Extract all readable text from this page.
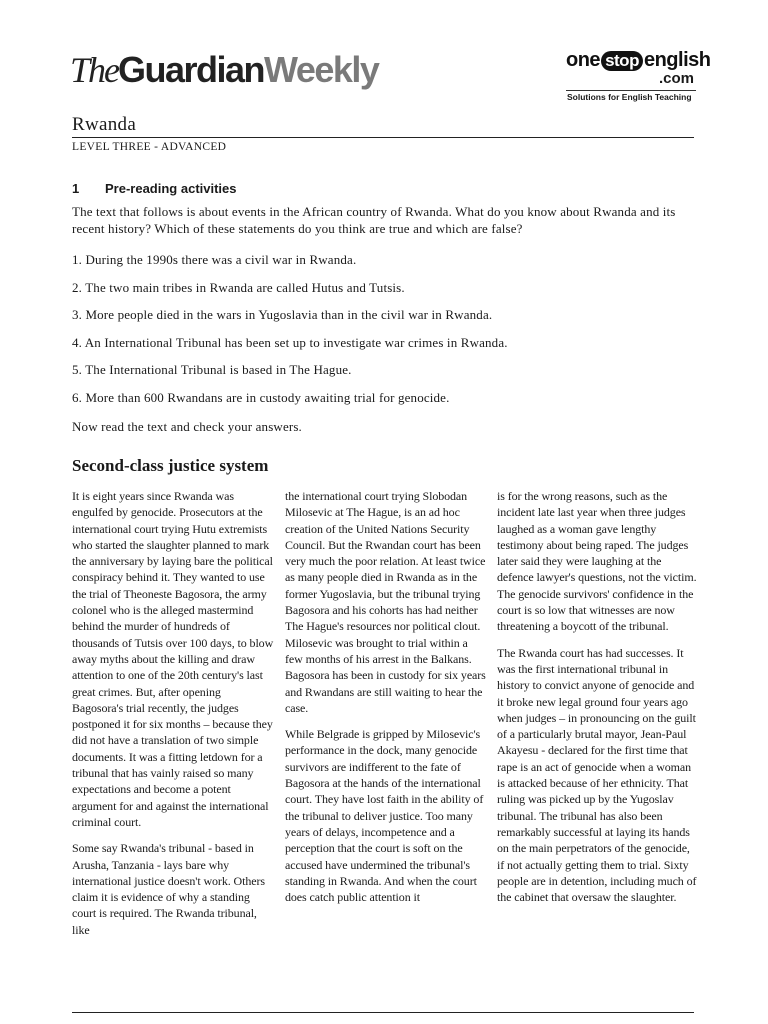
TheGuardianWeekly	one stop english
.com
Solutions for English Teaching
Rwanda
LEVEL THREE - ADVANCED
1 Pre-reading activities
The text that follows is about events in the African country of Rwanda. What do you know about Rwanda and its recent history? Which of these statements do you think are true and which are false?
1. During the 1990s there was a civil war in Rwanda.
2. The two main tribes in Rwanda are called Hutus and Tutsis.
3. More people died in the wars in Yugoslavia than in the civil war in Rwanda.
4. An International Tribunal has been set up to investigate war crimes in Rwanda.
5. The International Tribunal is based in The Hague.
6. More than 600 Rwandans are in custody awaiting trial for genocide.
Now read the text and check your answers.
Second-class justice system

It is eight years since Rwanda was engulfed by genocide. Prosecutors at the international court trying Hutu extremists who started the slaughter planned to mark the anniversary by laying bare the political conspiracy behind it. They wanted to use the trial of Theoneste Bagosora, the army colonel who is the alleged mastermind behind the murder of hundreds of thousands of Tutsis over 100 days, to blow away myths about the killing and draw attention to one of the 20th century's last great crimes. But, after opening Bagosora's trial recently, the judges postponed it for six months – because they did not have a translation of two simple documents. It was a fitting letdown for a tribunal that has vainly raised so many expectations and become a potent argument for and against the international criminal court.

Some say Rwanda's tribunal - based in Arusha, Tanzania - lays bare why international justice doesn't work. Others claim it is evidence of why a standing court is required. The Rwanda tribunal, like

the international court trying Slobodan Milosevic at The Hague, is an ad hoc creation of the United Nations Security Council. But the Rwandan court has been very much the poor relation. At least twice as many people died in Rwanda as in the former Yugoslavia, but the tribunal trying Bagosora and his cohorts has had neither The Hague's resources nor political clout. Milosevic was brought to trial within a few months of his arrest in the Balkans. Bagosora has been in custody for six years and Rwandans are still waiting to hear the case.

While Belgrade is gripped by Milosevic's performance in the dock, many genocide survivors are indifferent to the fate of Bagosora at the hands of the international court. They have lost faith in the ability of the tribunal to deliver justice. Too many years of delays, incompetence and a perception that the court is soft on the accused have undermined the tribunal's standing in Rwanda. And when the court does catch public attention it

is for the wrong reasons, such as the incident late last year when three judges laughed as a woman gave lengthy testimony about being raped. The judges later said they were laughing at the defence lawyer's questions, not the victim. The genocide survivors' confidence in the court is so low that witnesses are now threatening a boycott of the tribunal.

The Rwanda court has had successes. It was the first international tribunal in history to convict anyone of genocide and it broke new legal ground four years ago when judges – in pronouncing on the guilt of a particularly brutal mayor, Jean-Paul Akayesu - declared for the first time that rape is an act of genocide when a woman is attacked because of her ethnicity. That ruling was picked up by the Yugoslav tribunal. The tribunal has also been remarkably successful at laying its hands on the main perpetrators of the genocide, if not actually getting them to trial. Sixty people are in detention, including much of the cabinet that oversaw the slaughter.
